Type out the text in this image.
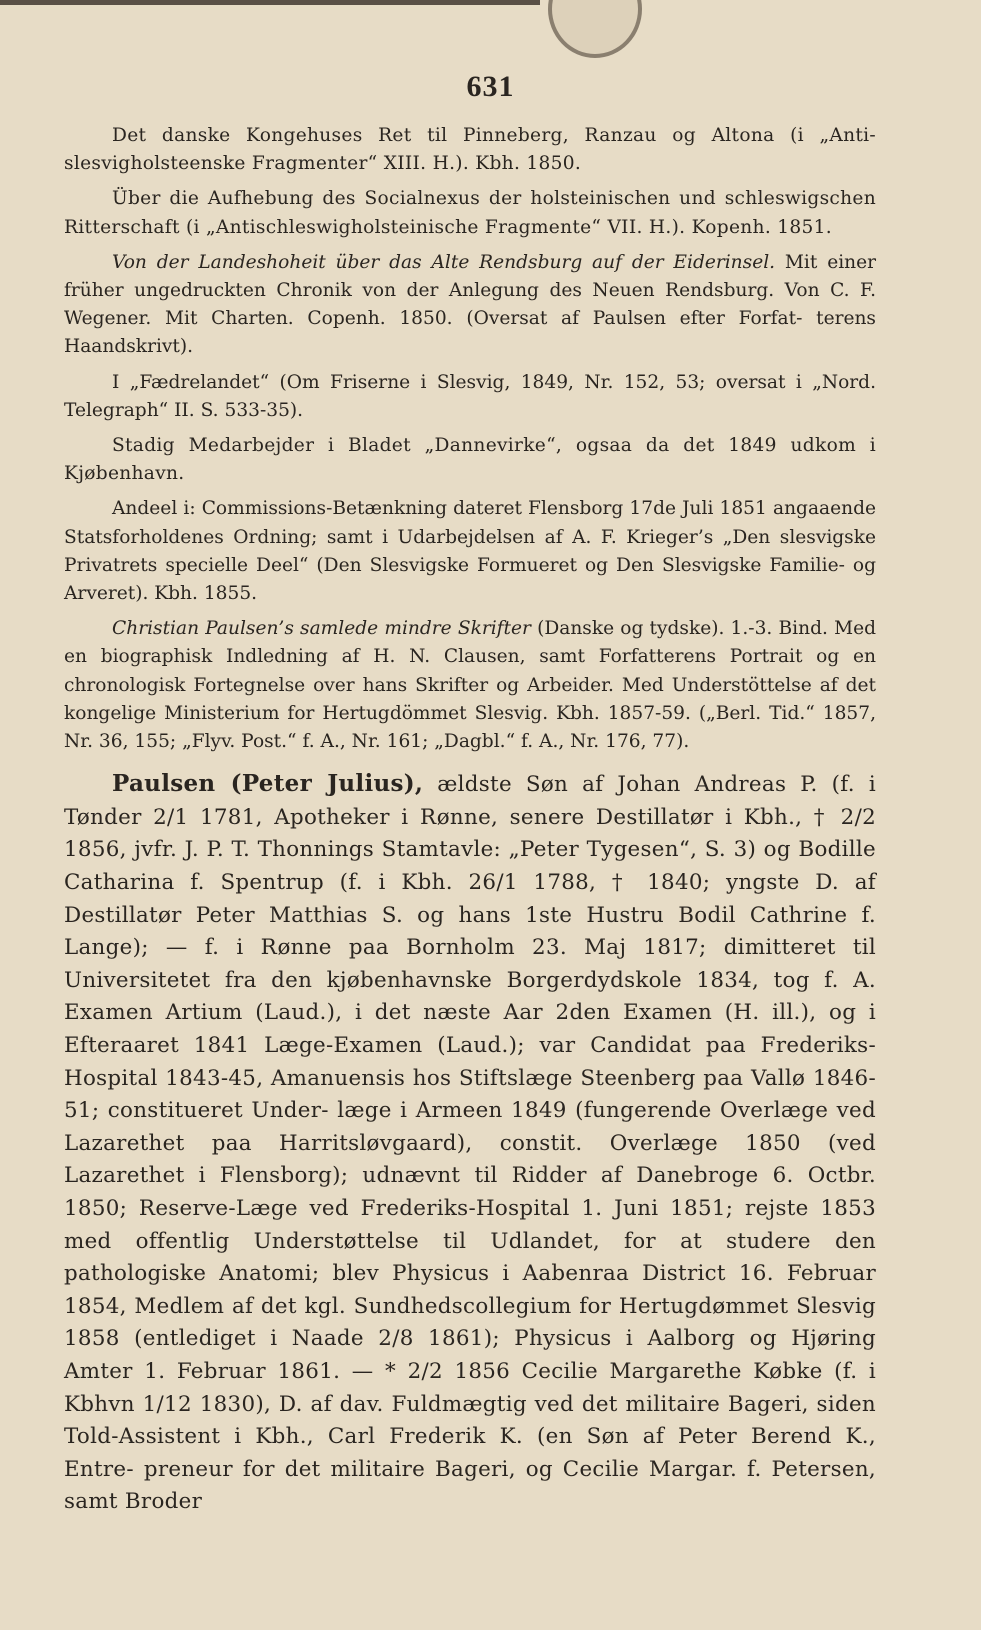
631

Det danske Kongehuses Ret til Pinneberg, Ranzau og Altona (i „Anti- slesvigholsteenske Fragmenter“ XIII. H.). Kbh. 1850.

Über die Aufhebung des Socialnexus der holsteinischen und schleswigschen Ritterschaft (i „Antischleswigholsteinische Fragmente“ VII. H.). Kopenh. 1851.

Von der Landeshoheit über das Alte Rendsburg auf der Eiderinsel. Mit einer früher ungedruckten Chronik von der Anlegung des Neuen Rendsburg. Von C. F. Wegener. Mit Charten. Copenh. 1850. (Oversat af Paulsen efter Forfat- terens Haandskrivt).

I „Fædrelandet“ (Om Friserne i Slesvig, 1849, Nr. 152, 53; oversat i „Nord. Telegraph“ II. S. 533-35).

Stadig Medarbejder i Bladet „Dannevirke“, ogsaa da det 1849 udkom i Kjøbenhavn.

Andeel i: Commissions-Betænkning dateret Flensborg 17de Juli 1851 angaaende Statsforholdenes Ordning; samt i Udarbejdelsen af A. F. Krieger’s „Den slesvigske Privatrets specielle Deel“ (Den Slesvigske Formueret og Den Slesvigske Familie- og Arveret). Kbh. 1855.

Christian Paulsen’s samlede mindre Skrifter (Danske og tydske). 1.-3. Bind. Med en biographisk Indledning af H. N. Clausen, samt Forfatterens Portrait og en chronologisk Fortegnelse over hans Skrifter og Arbeider. Med Understöttelse af det kongelige Ministerium for Hertugdömmet Slesvig. Kbh. 1857-59. („Berl. Tid.“ 1857, Nr. 36, 155; „Flyv. Post.“ f. A., Nr. 161; „Dagbl.“ f. A., Nr. 176, 77).

Paulsen (Peter Julius), ældste Søn af Johan Andreas P. (f. i Tønder 2/1 1781, Apotheker i Rønne, senere Destillatør i Kbh., † 2/2 1856, jvfr. J. P. T. Thonnings Stamtavle: „Peter Tygesen“, S. 3) og Bodille Catharina f. Spentrup (f. i Kbh. 26/1 1788, † 1840; yngste D. af Destillatør Peter Matthias S. og hans 1ste Hustru Bodil Cathrine f. Lange); — f. i Rønne paa Bornholm 23. Maj 1817; dimitteret til Universitetet fra den kjøbenhavnske Borgerdydskole 1834, tog f. A. Examen Artium (Laud.), i det næste Aar 2den Examen (H. ill.), og i Efteraaret 1841 Læge-Examen (Laud.); var Candidat paa Frederiks-Hospital 1843-45, Amanuensis hos Stiftslæge Steenberg paa Vallø 1846-51; constitueret Under- læge i Armeen 1849 (fungerende Overlæge ved Lazarethet paa Harritsløvgaard), constit. Overlæge 1850 (ved Lazarethet i Flensborg); udnævnt til Ridder af Danebroge 6. Octbr. 1850; Reserve-Læge ved Frederiks-Hospital 1. Juni 1851; rejste 1853 med offentlig Understøttelse til Udlandet, for at studere den pathologiske Anatomi; blev Physicus i Aabenraa District 16. Februar 1854, Medlem af det kgl. Sundhedscollegium for Hertugdømmet Slesvig 1858 (entlediget i Naade 2/8 1861); Physicus i Aalborg og Hjøring Amter 1. Februar 1861. — * 2/2 1856 Cecilie Margarethe Købke (f. i Kbhvn 1/12 1830), D. af dav. Fuldmægtig ved det militaire Bageri, siden Told-Assistent i Kbh., Carl Frederik K. (en Søn af Peter Berend K., Entre- preneur for det militaire Bageri, og Cecilie Margar. f. Petersen, samt Broder
